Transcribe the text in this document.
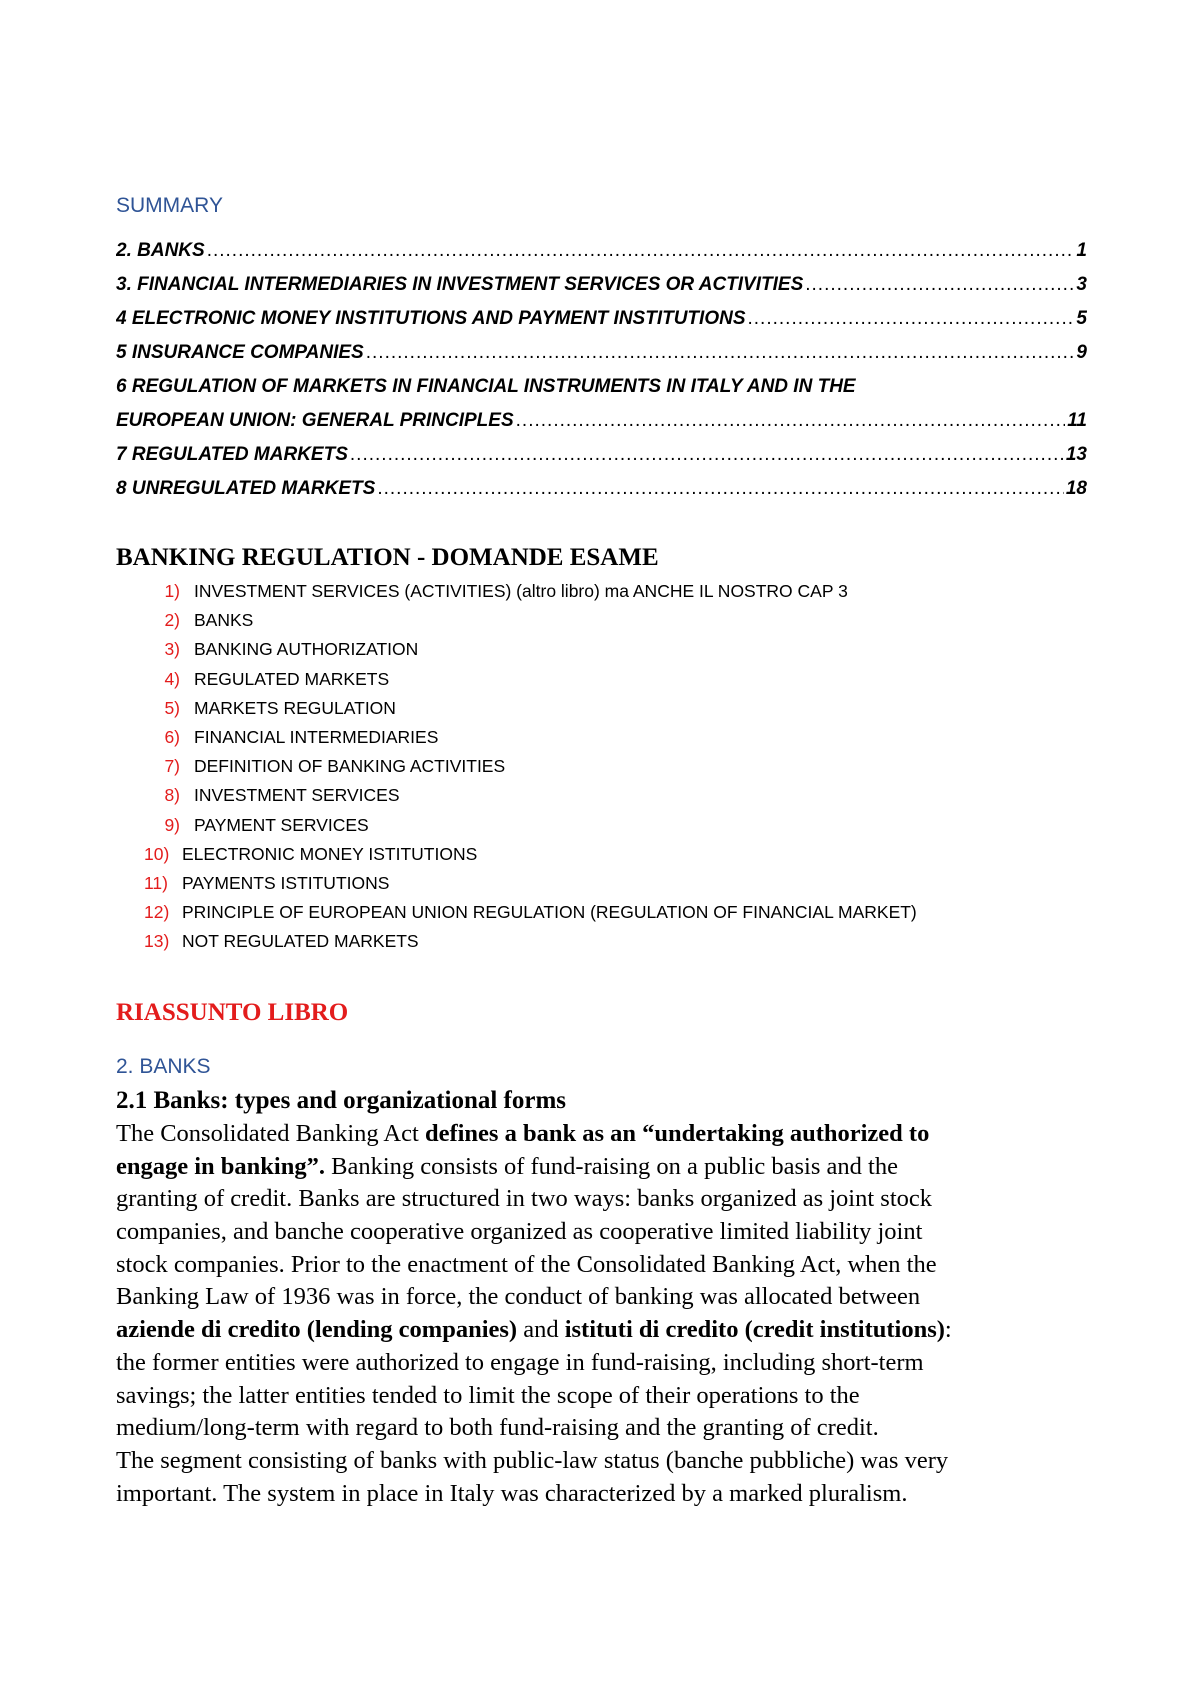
SUMMARY
2. BANKS .....	1
3. FINANCIAL INTERMEDIARIES IN INVESTMENT SERVICES OR ACTIVITIES .....	3
4 ELECTRONIC MONEY INSTITUTIONS AND PAYMENT INSTITUTIONS .....	5
5 INSURANCE COMPANIES .....	9
6 REGULATION OF MARKETS IN FINANCIAL INSTRUMENTS IN ITALY AND IN THE
EUROPEAN UNION: GENERAL PRINCIPLES .....	11
7 REGULATED MARKETS .....	13
8 UNREGULATED MARKETS .....	18
BANKING REGULATION - DOMANDE ESAME
1) INVESTMENT SERVICES (ACTIVITIES) (altro libro) ma ANCHE IL NOSTRO CAP 3
2) BANKS
3) BANKING AUTHORIZATION
4) REGULATED MARKETS
5) MARKETS REGULATION
6) FINANCIAL INTERMEDIARIES
7) DEFINITION OF BANKING ACTIVITIES
8) INVESTMENT SERVICES
9) PAYMENT SERVICES
10) ELECTRONIC MONEY ISTITUTIONS
11) PAYMENTS ISTITUTIONS
12) PRINCIPLE OF EUROPEAN UNION REGULATION (REGULATION OF FINANCIAL MARKET)
13) NOT REGULATED MARKETS
RIASSUNTO LIBRO
2. BANKS
2.1 Banks: types and organizational forms
The Consolidated Banking Act defines a bank as an “undertaking authorized to
engage in banking”. Banking consists of fund-raising on a public basis and the
granting of credit. Banks are structured in two ways: banks organized as joint stock
companies, and banche cooperative organized as cooperative limited liability joint
stock companies. Prior to the enactment of the Consolidated Banking Act, when the
Banking Law of 1936 was in force, the conduct of banking was allocated between
aziende di credito (lending companies) and istituti di credito (credit institutions):
the former entities were authorized to engage in fund-raising, including short-term
savings; the latter entities tended to limit the scope of their operations to the
medium/long-term with regard to both fund-raising and the granting of credit.
The segment consisting of banks with public-law status (banche pubbliche) was very
important. The system in place in Italy was characterized by a marked pluralism.
